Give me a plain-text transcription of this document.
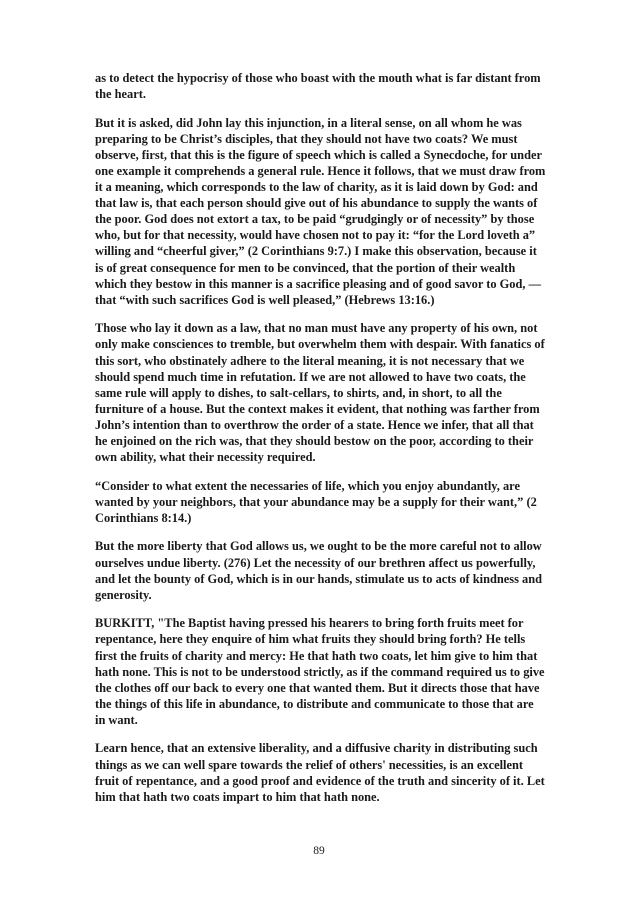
as to detect the hypocrisy of those who boast with the mouth what is far distant from the heart.

But it is asked, did John lay this injunction, in a literal sense, on all whom he was preparing to be Christ’s disciples, that they should not have two coats? We must observe, first, that this is the figure of speech which is called a Synecdoche, for under one example it comprehends a general rule. Hence it follows, that we must draw from it a meaning, which corresponds to the law of charity, as it is laid down by God: and that law is, that each person should give out of his abundance to supply the wants of the poor. God does not extort a tax, to be paid “grudgingly or of necessity” by those who, but for that necessity, would have chosen not to pay it: “for the Lord loveth a” willing and “cheerful giver,” (2 Corinthians 9:7.) I make this observation, because it is of great consequence for men to be convinced, that the portion of their wealth which they bestow in this manner is a sacrifice pleasing and of good savor to God, — that “with such sacrifices God is well pleased,” (Hebrews 13:16.)

Those who lay it down as a law, that no man must have any property of his own, not only make consciences to tremble, but overwhelm them with despair. With fanatics of this sort, who obstinately adhere to the literal meaning, it is not necessary that we should spend much time in refutation. If we are not allowed to have two coats, the same rule will apply to dishes, to salt-cellars, to shirts, and, in short, to all the furniture of a house. But the context makes it evident, that nothing was farther from John’s intention than to overthrow the order of a state. Hence we infer, that all that he enjoined on the rich was, that they should bestow on the poor, according to their own ability, what their necessity required.

“Consider to what extent the necessaries of life, which you enjoy abundantly, are wanted by your neighbors, that your abundance may be a supply for their want,” (2 Corinthians 8:14.)

But the more liberty that God allows us, we ought to be the more careful not to allow ourselves undue liberty. (276) Let the necessity of our brethren affect us powerfully, and let the bounty of God, which is in our hands, stimulate us to acts of kindness and generosity.

BURKITT, "The Baptist having pressed his hearers to bring forth fruits meet for repentance, here they enquire of him what fruits they should bring forth? He tells first the fruits of charity and mercy: He that hath two coats, let him give to him that hath none. This is not to be understood strictly, as if the command required us to give the clothes off our back to every one that wanted them. But it directs those that have the things of this life in abundance, to distribute and communicate to those that are in want.

Learn hence, that an extensive liberality, and a diffusive charity in distributing such things as we can well spare towards the relief of others' necessities, is an excellent fruit of repentance, and a good proof and evidence of the truth and sincerity of it. Let him that hath two coats impart to him that hath none.

89
